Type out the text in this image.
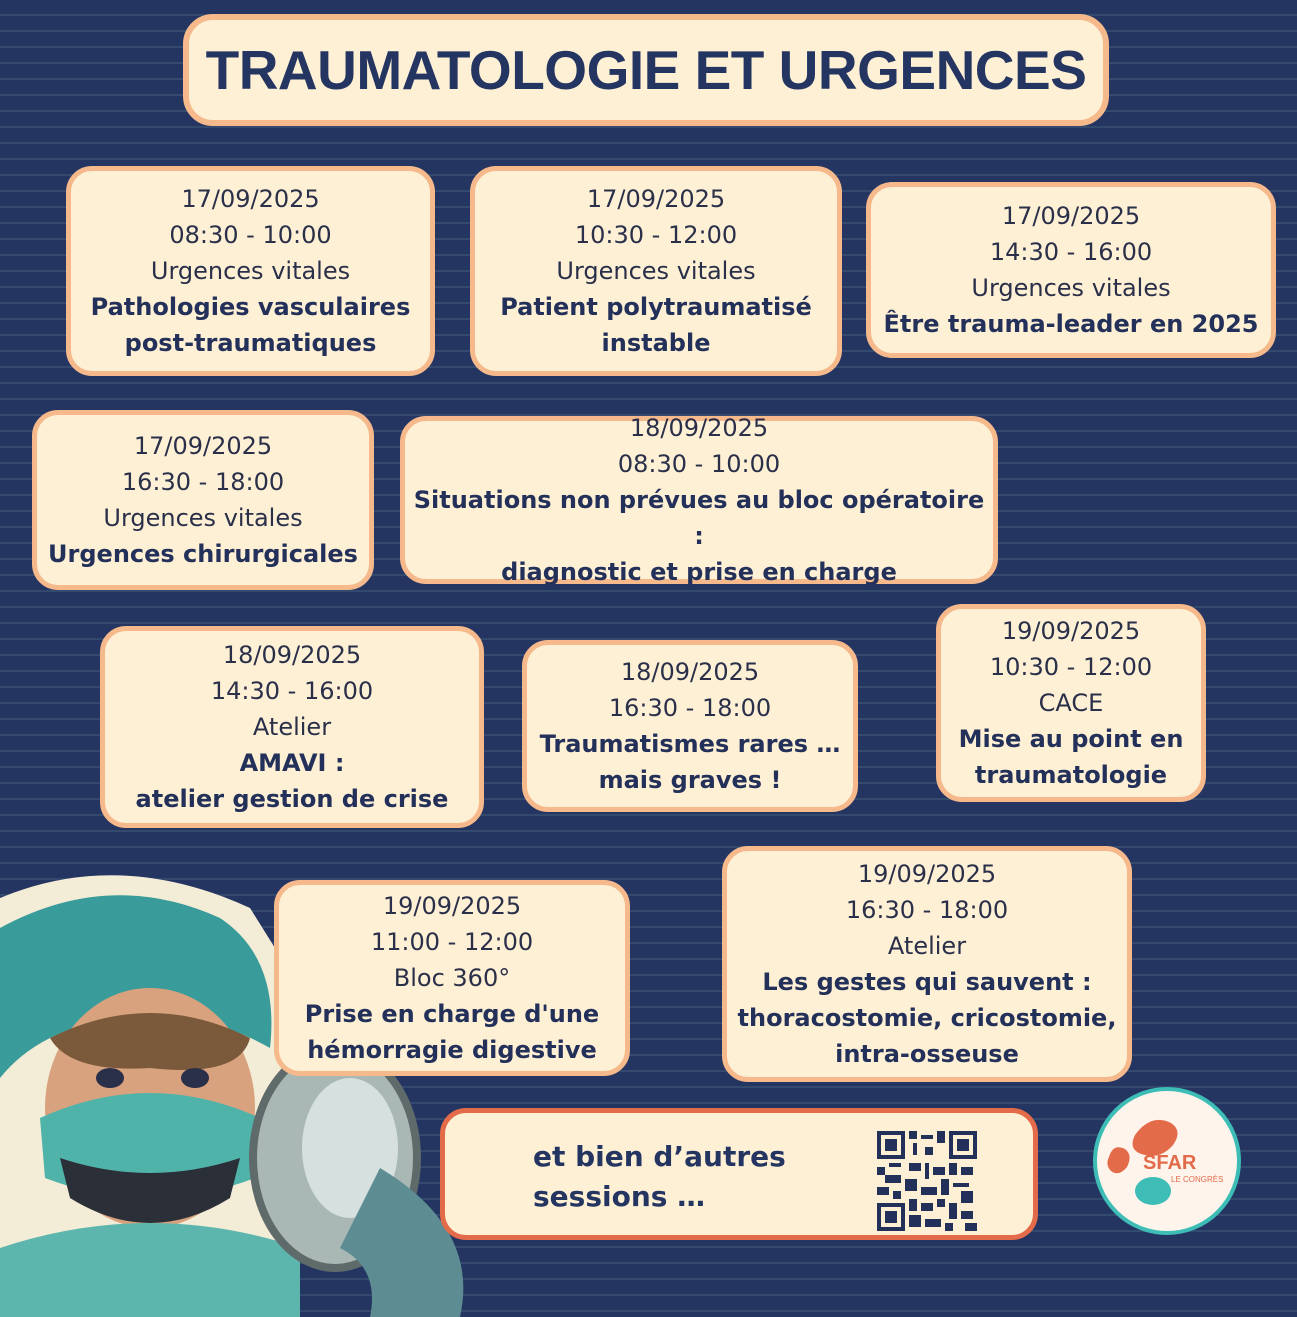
TRAUMATOLOGIE ET URGENCES
17/09/2025
08:30 - 10:00
Urgences vitales
Pathologies vasculaires
post-traumatiques
17/09/2025
10:30 - 12:00
Urgences vitales
Patient polytraumatisé
instable
17/09/2025
14:30 - 16:00
Urgences vitales
Être trauma-leader en 2025
17/09/2025
16:30 - 18:00
Urgences vitales
Urgences chirurgicales
18/09/2025
08:30 - 10:00
Situations non prévues au bloc opératoire :
diagnostic et prise en charge
18/09/2025
14:30 - 16:00
Atelier
AMAVI :
atelier gestion de crise
18/09/2025
16:30 - 18:00
Traumatismes rares …
mais graves !
19/09/2025
10:30 - 12:00
CACE
Mise au point en
traumatologie
19/09/2025
11:00 - 12:00
Bloc 360°
Prise en charge d'une
hémorragie digestive
19/09/2025
16:30 - 18:00
Atelier
Les gestes qui sauvent :
thoracostomie, cricostomie,
intra-osseuse
et bien d’autres
sessions …
SFAR
LE CONGRÈS
